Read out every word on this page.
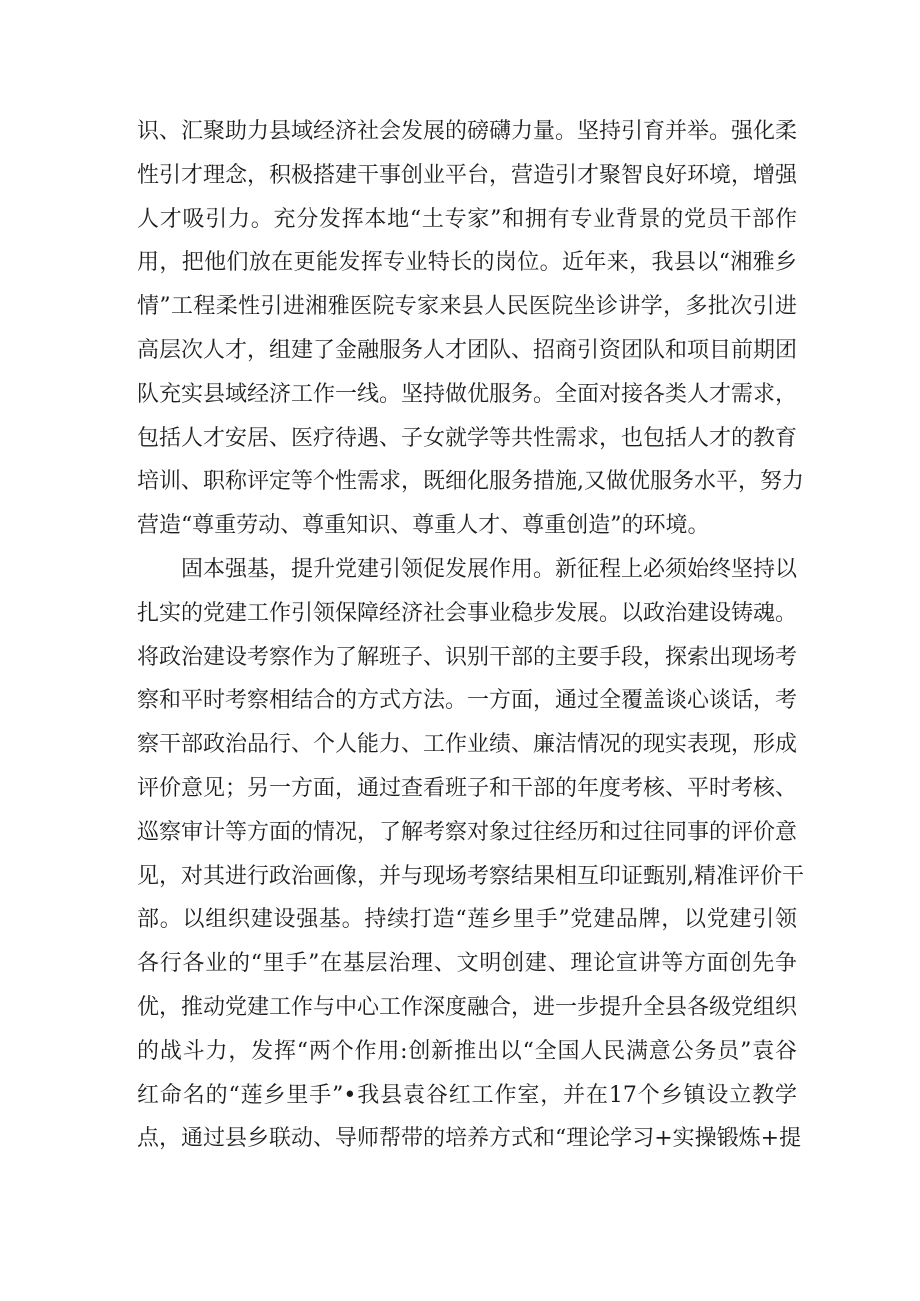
识、汇聚助力县域经济社会发展的磅礴力量。坚持引育并举。强化柔
性引才理念，积极搭建干事创业平台，营造引才聚智良好环境，增强
人才吸引力。充分发挥本地“土专家”和拥有专业背景的党员干部作
用，把他们放在更能发挥专业特长的岗位。近年来，我县以“湘雅乡
情”工程柔性引进湘雅医院专家来县人民医院坐诊讲学，多批次引进
高层次人才，组建了金融服务人才团队、招商引资团队和项目前期团
队充实县域经济工作一线。坚持做优服务。全面对接各类人才需求，
包括人才安居、医疗待遇、子女就学等共性需求，也包括人才的教育
培训、职称评定等个性需求，既细化服务措施,又做优服务水平，努力
营造“尊重劳动、尊重知识、尊重人才、尊重创造”的环境。
固本强基，提升党建引领促发展作用。新征程上必须始终坚持以
扎实的党建工作引领保障经济社会事业稳步发展。以政治建设铸魂。
将政治建设考察作为了解班子、识别干部的主要手段，探索出现场考
察和平时考察相结合的方式方法。一方面，通过全覆盖谈心谈话，考
察干部政治品行、个人能力、工作业绩、廉洁情况的现实表现，形成
评价意见；另一方面，通过查看班子和干部的年度考核、平时考核、
巡察审计等方面的情况，了解考察对象过往经历和过往同事的评价意
见，对其进行政治画像，并与现场考察结果相互印证甄别,精准评价干
部。以组织建设强基。持续打造“莲乡里手”党建品牌，以党建引领
各行各业的“里手”在基层治理、文明创建、理论宣讲等方面创先争
优，推动党建工作与中心工作深度融合，进一步提升全县各级党组织
的战斗力，发挥“两个作用:创新推出以“全国人民满意公务员”袁谷
红命名的“莲乡里手”•我县袁谷红工作室，并在17个乡镇设立教学
点，通过县乡联动、导师帮带的培养方式和“理论学习+实操锻炼+提
